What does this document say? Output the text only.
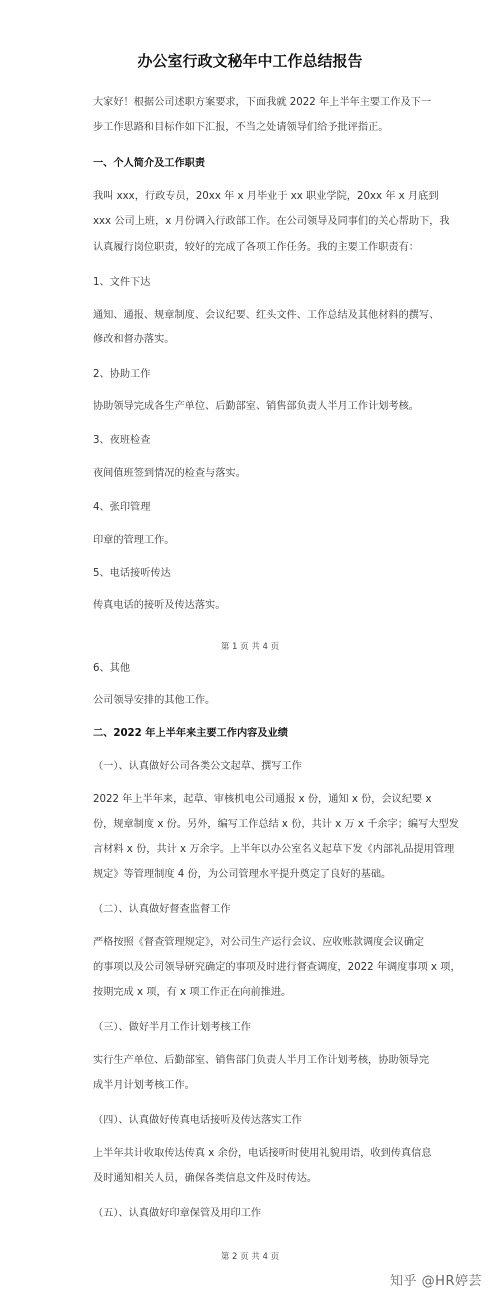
办公室行政文秘年中工作总结报告
大家好！根据公司述职方案要求，下面我就 2022 年上半年主要工作及下一
步工作思路和目标作如下汇报，不当之处请领导们给予批评指正。
一、个人简介及工作职责
我叫 xxx，行政专员，20xx 年 x 月毕业于 xx 职业学院，20xx 年 x 月底到
xxx 公司上班，x 月份调入行政部工作。在公司领导及同事们的关心帮助下，我
认真履行岗位职责，较好的完成了各项工作任务。我的主要工作职责有：
1、文件下达
通知、通报、规章制度、会议纪要、红头文件、工作总结及其他材料的撰写、
修改和督办落实。
2、协助工作
协助领导完成各生产单位、后勤部室、销售部负责人半月工作计划考核。
3、夜班检查
夜间值班签到情况的检查与落实。
4、张印管理
印章的管理工作。
5、电话接听传达
传真电话的接听及传达落实。
第 1 页 共 4 页
6、其他
公司领导安排的其他工作。
二、2022 年上半年来主要工作内容及业绩
（一）、认真做好公司各类公文起草、撰写工作
2022 年上半年来，起草、审核机电公司通报 x 份，通知 x 份，会议纪要 x
份，规章制度 x 份。另外，编写工作总结 x 份，共计 x 万 x 千余字；编写大型发
言材料 x 份，共计 x 万余字。上半年以办公室名义起草下发《内部礼品提用管理
规定》等管理制度 4 份，为公司管理水平提升奠定了良好的基础。
（二）、认真做好督查监督工作
严格按照《督查管理规定》，对公司生产运行会议、应收账款调度会议确定
的事项以及公司领导研究确定的事项及时进行督查调度，2022 年调度事项 x 项，
按期完成 x 项，有 x 项工作正在向前推进。
（三）、做好半月工作计划考核工作
实行生产单位、后勤部室、销售部门负责人半月工作计划考核，协助领导完
成半月计划考核工作。
（四）、认真做好传真电话接听及传达落实工作
上半年共计收取传达传真 x 余份，电话接听时使用礼貌用语，收到传真信息
及时通知相关人员，确保各类信息文件及时传达。
（五）、认真做好印章保管及用印工作
第 2 页 共 4 页
知乎 @HR婷芸
